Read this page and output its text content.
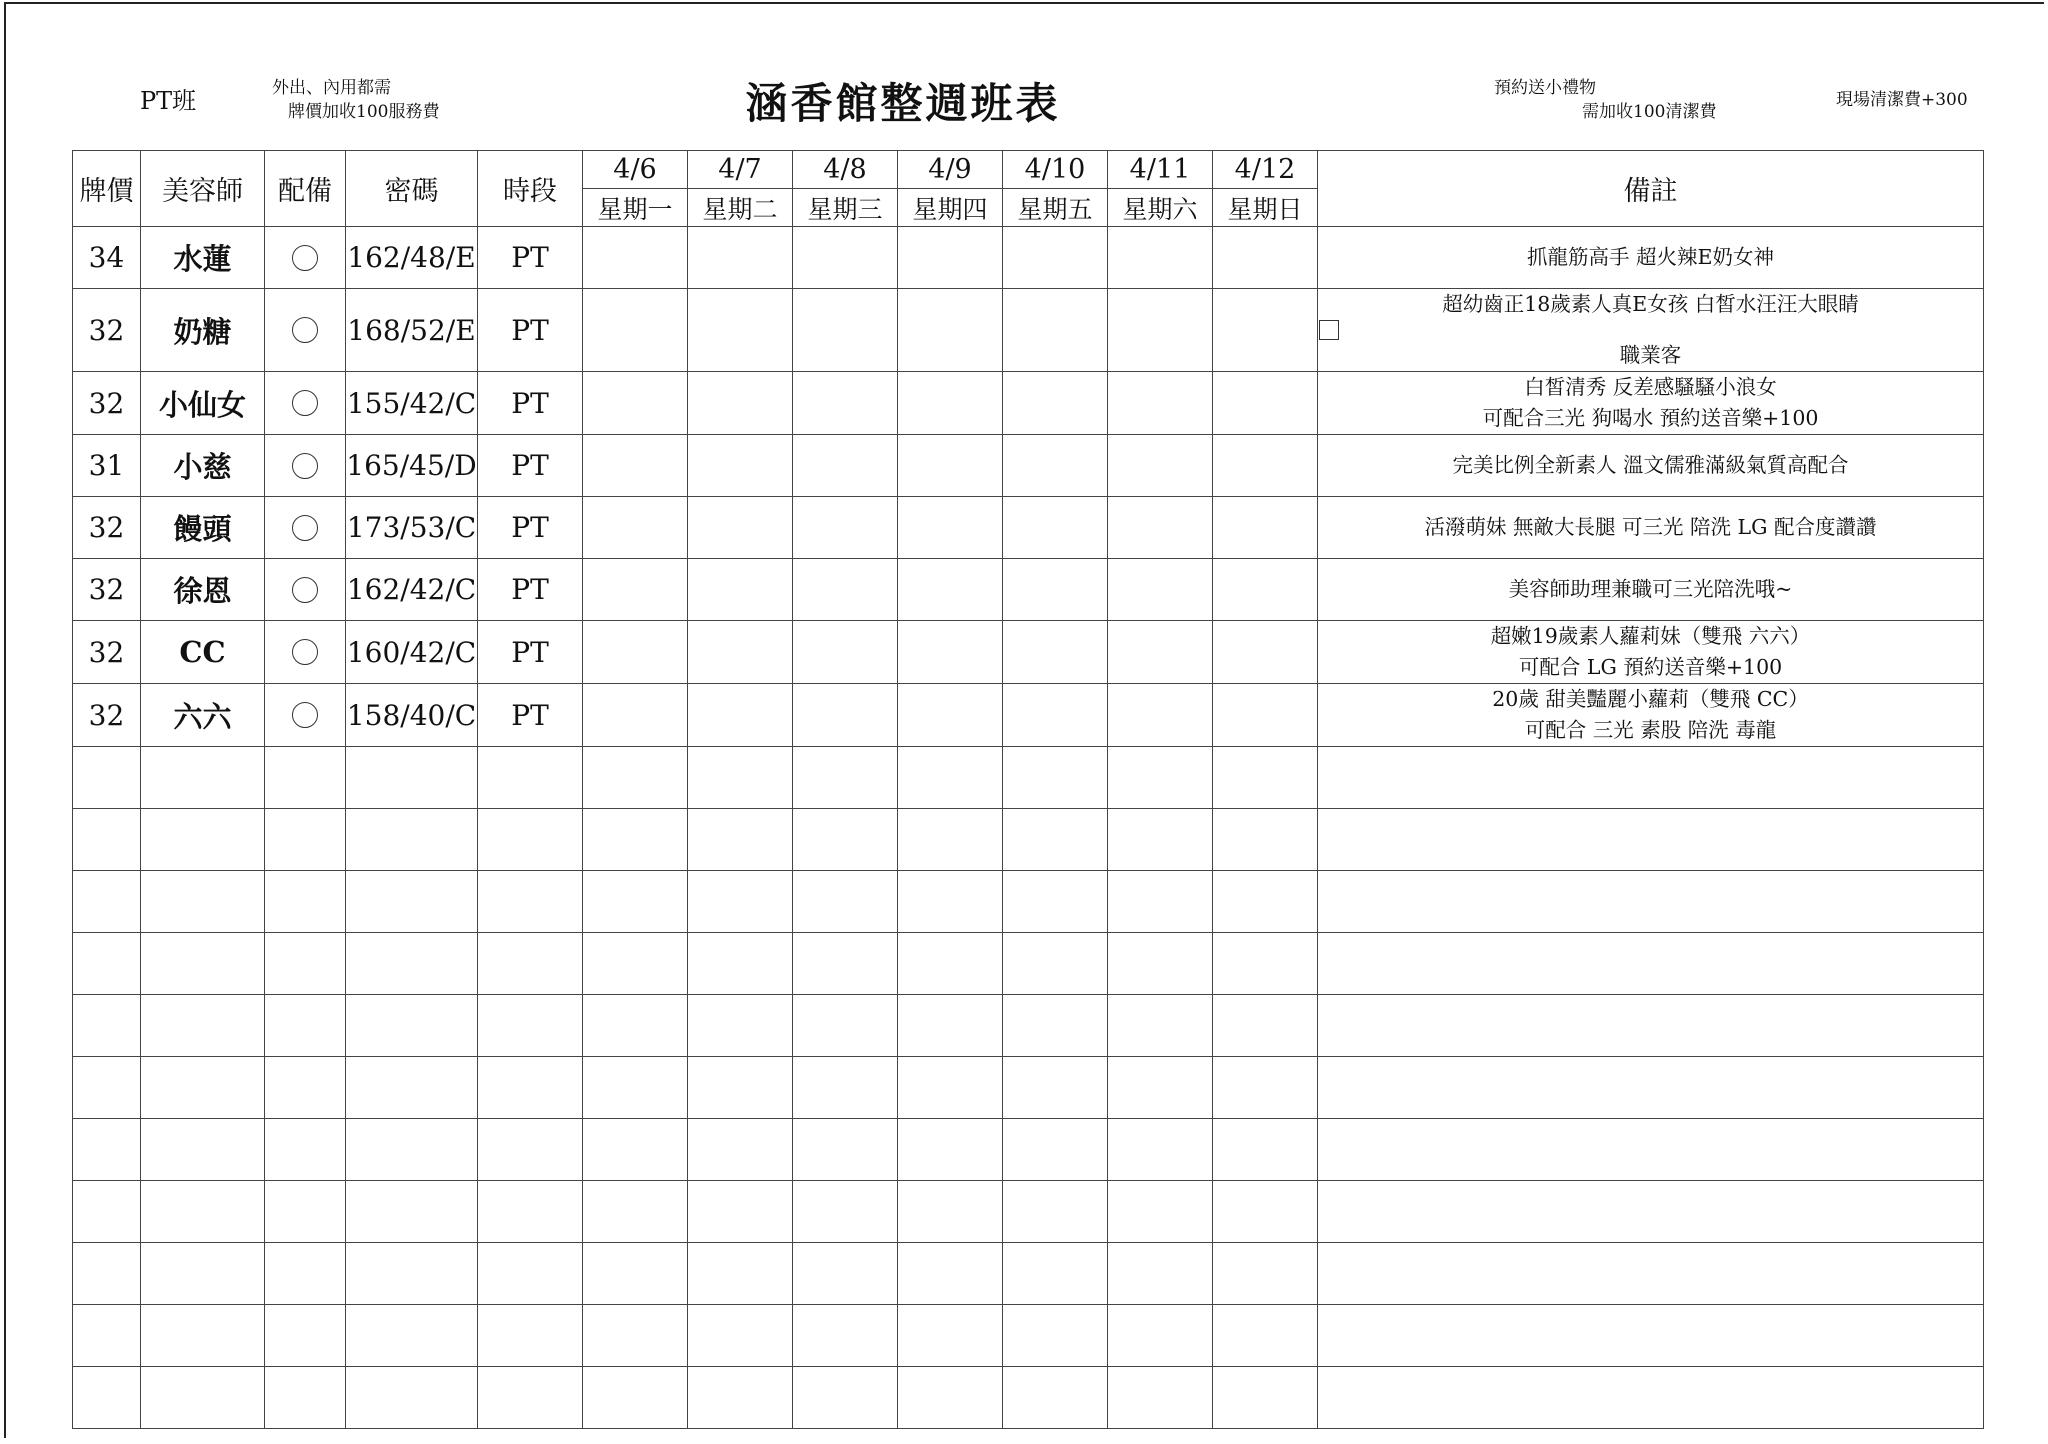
PT班	外出、內用都需
牌價加收100服務費	涵香館整週班表	預約送小禮物
需加收100清潔費
現場清潔費+300
牌價	美容師	配備	密碼	時段	4/6	4/7	4/8	4/9	4/10	4/11	4/12	備註
					星期一	星期二	星期三	星期四	星期五	星期六	星期日	
34	水蓮		162/48/E	PT								抓龍筋高手 超火辣E奶女神

32	奶糖		168/52/E	PT								超幼齒正18歲素人真E女孩 白皙水汪汪大眼睛
職業客

32	小仙女		155/42/C	PT								白皙清秀 反差感騷騷小浪女
可配合三光 狗喝水 預約送音樂+100

31	小慈		165/45/D	PT								完美比例全新素人 溫文儒雅滿級氣質高配合

32	饅頭		173/53/C	PT								活潑萌妹 無敵大長腿 可三光 陪洗 LG 配合度讚讚

32	徐恩		162/42/C	PT								美容師助理兼職可三光陪洗哦~

32	CC		160/42/C	PT								超嫩19歲素人蘿莉妹（雙飛 六六）
可配合 LG 預約送音樂+100

32	六六		158/40/C	PT								20歲 甜美豔麗小蘿莉（雙飛 CC）
可配合 三光 素股 陪洗 毒龍
